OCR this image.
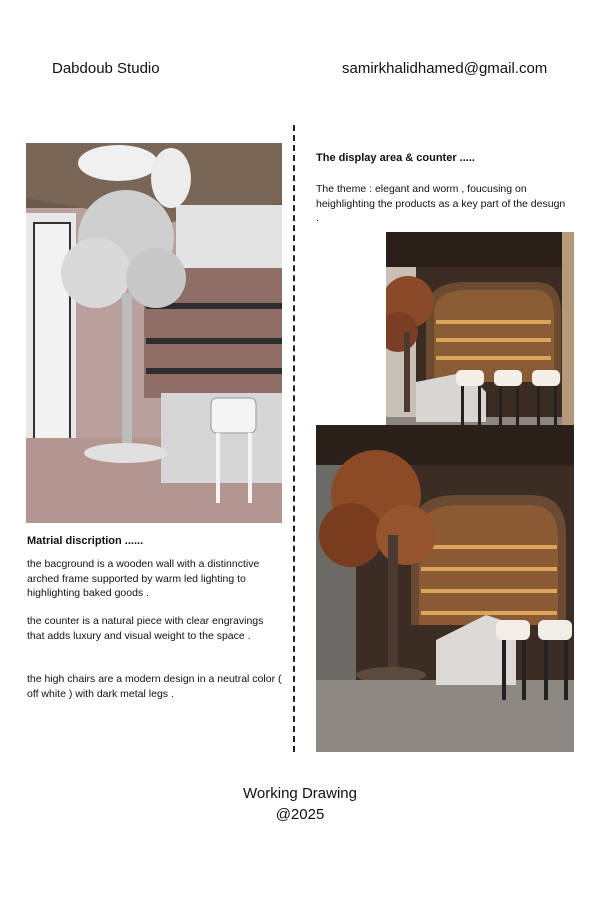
Dabdoub Studio	samirkhalidhamed@gmail.com
Matrial discription ......
the bacground is a wooden wall with a distinnctive arched frame supported by warm led lighting to highlighting baked goods .
the counter is a natural piece with clear engravings that adds luxury and visual weight to the space .
the high chairs are a modern design in a neutral color ( off white ) with dark metal legs .
The display area & counter .....
The theme : elegant and worm , foucusing on heighlighting the products as a key part of the desugn .
Working Drawing
@2025
